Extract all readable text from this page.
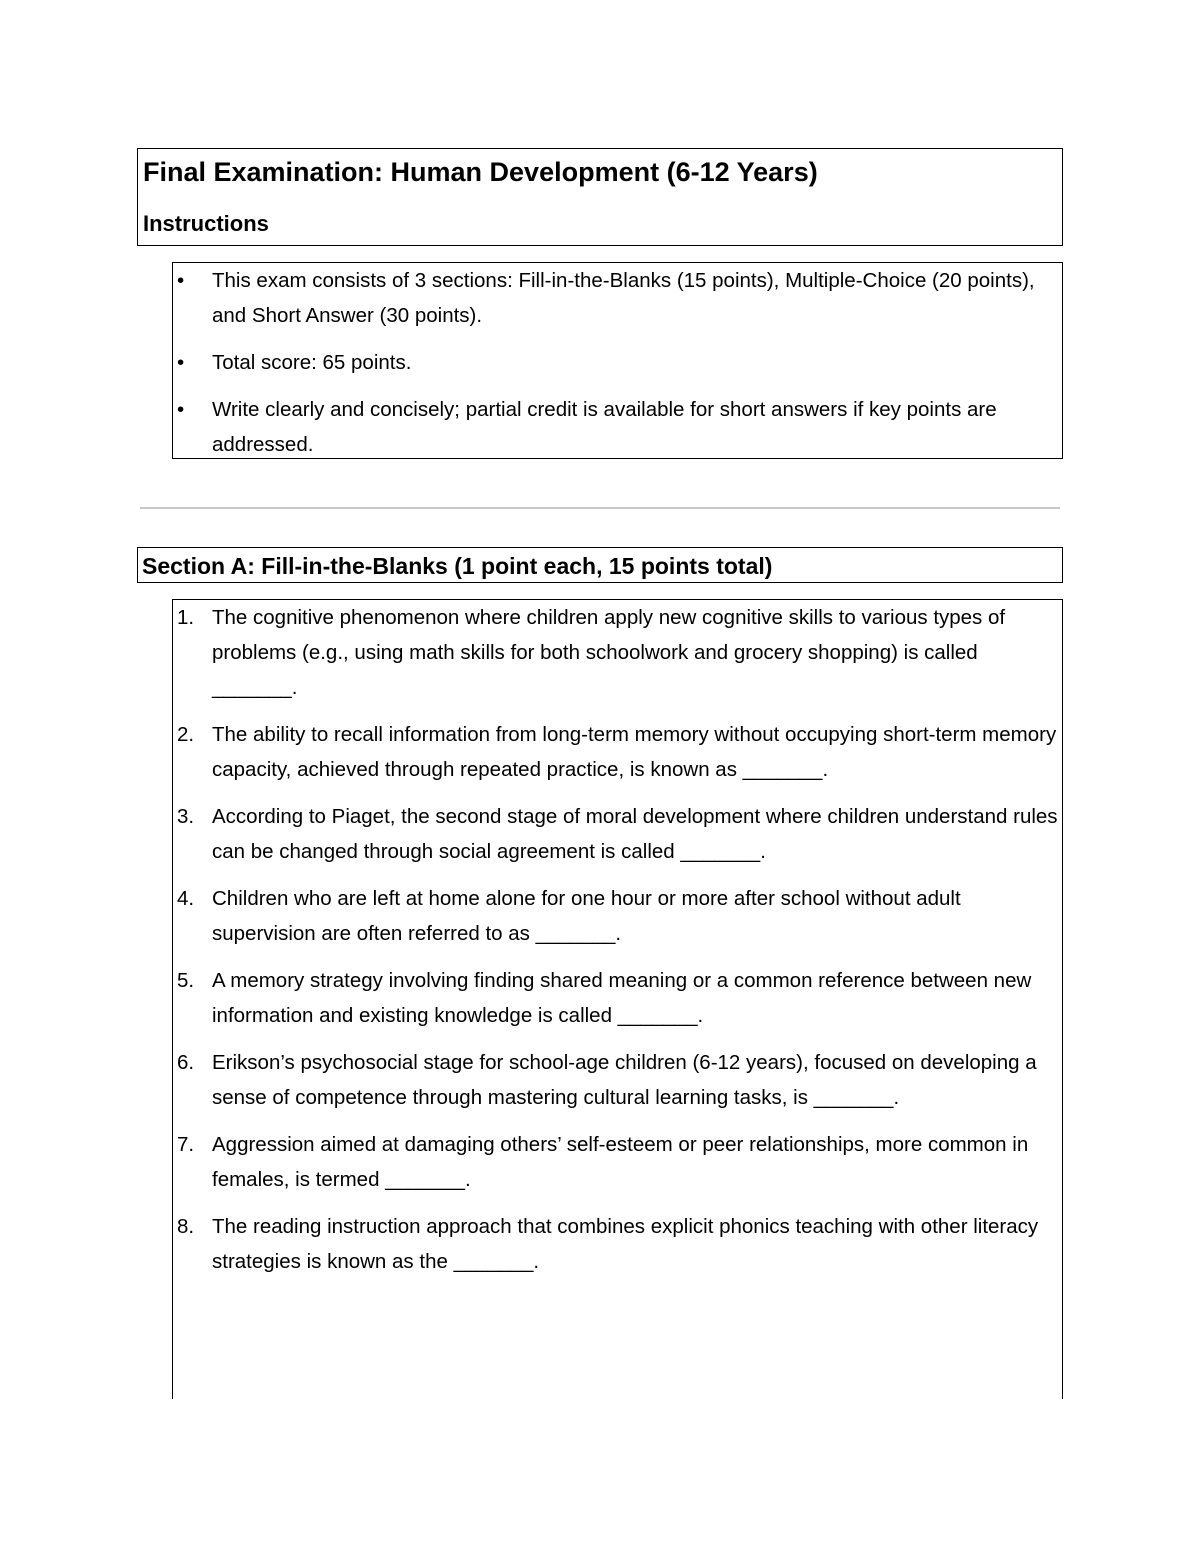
Final Examination: Human Development (6-12 Years)
Instructions
• This exam consists of 3 sections: Fill-in-the-Blanks (15 points), Multiple-Choice (20 points), and Short Answer (30 points).
• Total score: 65 points.
• Write clearly and concisely; partial credit is available for short answers if key points are addressed.
Section A: Fill-in-the-Blanks (1 point each, 15 points total)
1. The cognitive phenomenon where children apply new cognitive skills to various types of problems (e.g., using math skills for both schoolwork and grocery shopping) is called _______.
2. The ability to recall information from long-term memory without occupying short-term memory capacity, achieved through repeated practice, is known as _______.
3. According to Piaget, the second stage of moral development where children understand rules can be changed through social agreement is called _______.
4. Children who are left at home alone for one hour or more after school without adult supervision are often referred to as _______.
5. A memory strategy involving finding shared meaning or a common reference between new information and existing knowledge is called _______.
6. Erikson’s psychosocial stage for school-age children (6-12 years), focused on developing a sense of competence through mastering cultural learning tasks, is _______.
7. Aggression aimed at damaging others’ self-esteem or peer relationships, more common in females, is termed _______.
8. The reading instruction approach that combines explicit phonics teaching with other literacy strategies is known as the _______.
